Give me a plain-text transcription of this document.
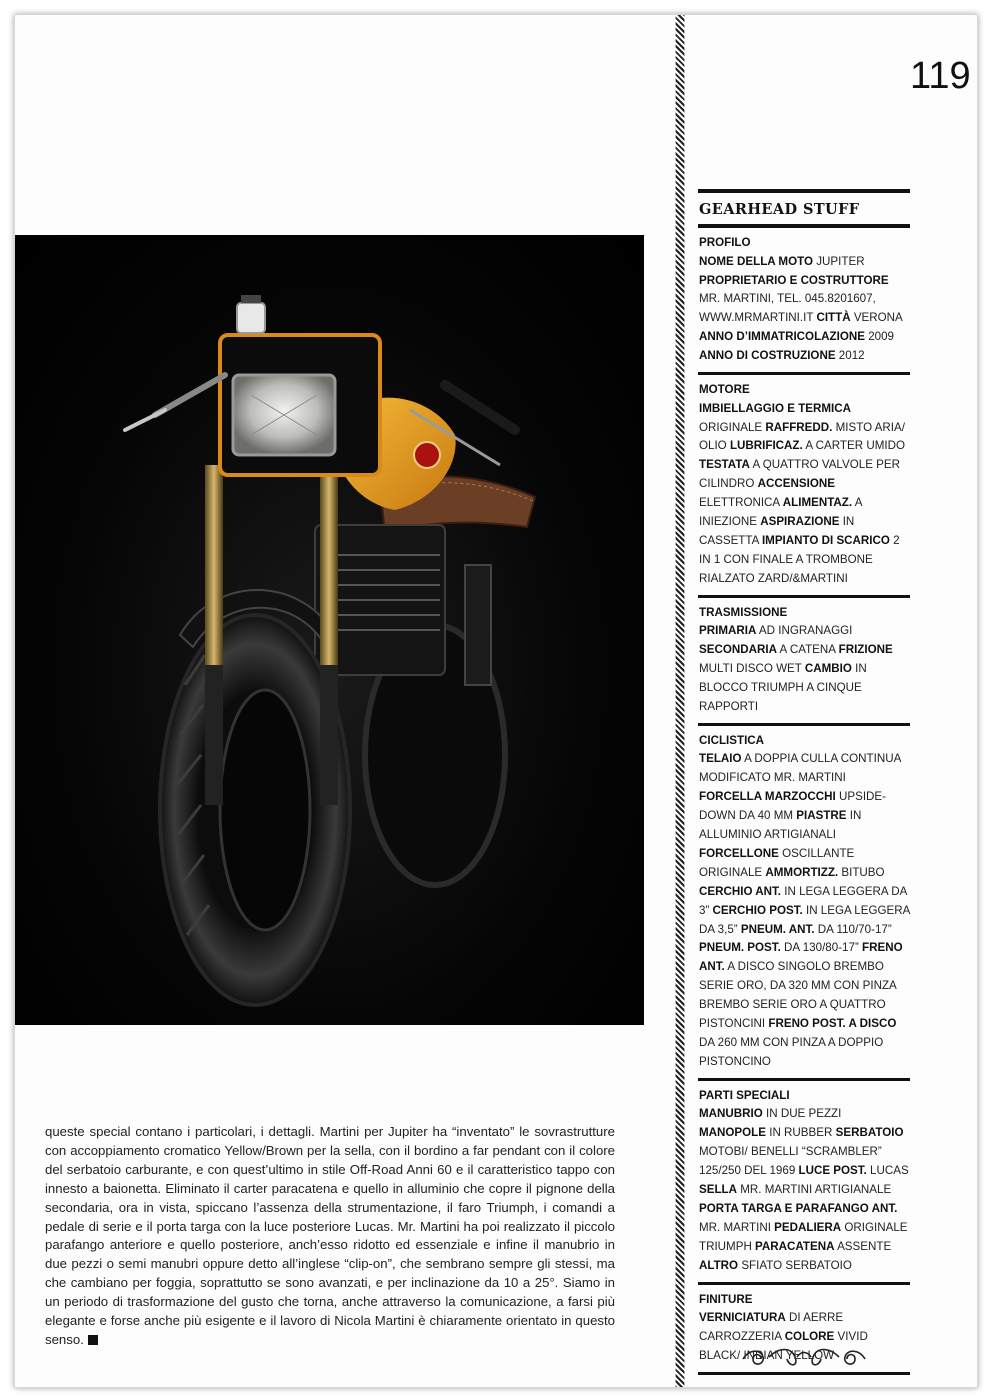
119
queste special contano i particolari, i dettagli. Martini per Jupiter ha “inventato” le sovrastrutture con accoppiamento cromatico Yellow/Brown per la sella, con il bordino a far pendant con il colore del serbatoio carburante, e con quest’ultimo in stile Off-Road Anni 60 e il caratteristico tappo con innesto a baionetta. Eliminato il carter paracatena e quello in alluminio che copre il pignone della secondaria, ora in vista, spiccano l’assenza della strumentazione, il faro Triumph, i comandi a pedale di serie e il porta targa con la luce posteriore Lucas. Mr. Martini ha poi realizzato il piccolo parafango anteriore e quello posteriore, anch’esso ridotto ed essenziale e infine il manubrio in due pezzi o semi manubri oppure detto all’inglese “clip-on”, che sembrano sempre gli stessi, ma che cambiano per foggia, soprattutto se sono avanzati, e per inclinazione da 10 a 25°. Siamo in un periodo di trasformazione del gusto che torna, anche attraverso la comunicazione, a farsi più elegante e forse anche più esigente e il lavoro di Nicola Martini è chiaramente orientato in questo senso.
GEARHEAD STUFF
PROFILO
NOME DELLA MOTO JUPITER PROPRIETARIO E COSTRUTTORE MR. MARTINI, TEL. 045.8201607, WWW.MRMARTINI.IT CITTÀ VERONA ANNO D’IMMATRICOLAZIONE 2009 ANNO DI COSTRUZIONE 2012
MOTORE
IMBIELLAGGIO E TERMICA ORIGINALE RAFFREDD. MISTO ARIA/ OLIO LUBRIFICAZ. A CARTER UMIDO TESTATA A QUATTRO VALVOLE PER CILINDRO ACCENSIONE ELETTRONICA ALIMENTAZ. A INIEZIONE ASPIRAZIONE IN CASSETTA IMPIANTO DI SCARICO 2 IN 1 CON FINALE A TROMBONE RIALZATO ZARD/&MARTINI
TRASMISSIONE
PRIMARIA AD INGRANAGGI SECONDARIA A CATENA FRIZIONE MULTI DISCO WET CAMBIO IN BLOCCO TRIUMPH A CINQUE RAPPORTI
CICLISTICA
TELAIO A DOPPIA CULLA CONTINUA MODIFICATO MR. MARTINI FORCELLA MARZOCCHI UPSIDE-DOWN DA 40 MM PIASTRE IN ALLUMINIO ARTIGIANALI FORCELLONE OSCILLANTE ORIGINALE AMMORTIZZ. BITUBO CERCHIO ANT. IN LEGA LEGGERA DA 3” CERCHIO POST. IN LEGA LEGGERA DA 3,5” PNEUM. ANT. DA 110/70-17” PNEUM. POST. DA 130/80-17” FRENO ANT. A DISCO SINGOLO BREMBO SERIE ORO, DA 320 MM CON PINZA BREMBO SERIE ORO A QUATTRO PISTONCINI FRENO POST. A DISCO DA 260 MM CON PINZA A DOPPIO PISTONCINO
PARTI SPECIALI
MANUBRIO IN DUE PEZZI MANOPOLE IN RUBBER SERBATOIO MOTOBI/ BENELLI “SCRAMBLER” 125/250 DEL 1969 LUCE POST. LUCAS SELLA MR. MARTINI ARTIGIANALE PORTA TARGA E PARAFANGO ANT. MR. MARTINI PEDALIERA ORIGINALE TRIUMPH PARACATENA ASSENTE ALTRO SFIATO SERBATOIO
FINITURE
VERNICIATURA DI AERRE CARROZZERIA COLORE VIVID BLACK/ INDIAN YELLOW
